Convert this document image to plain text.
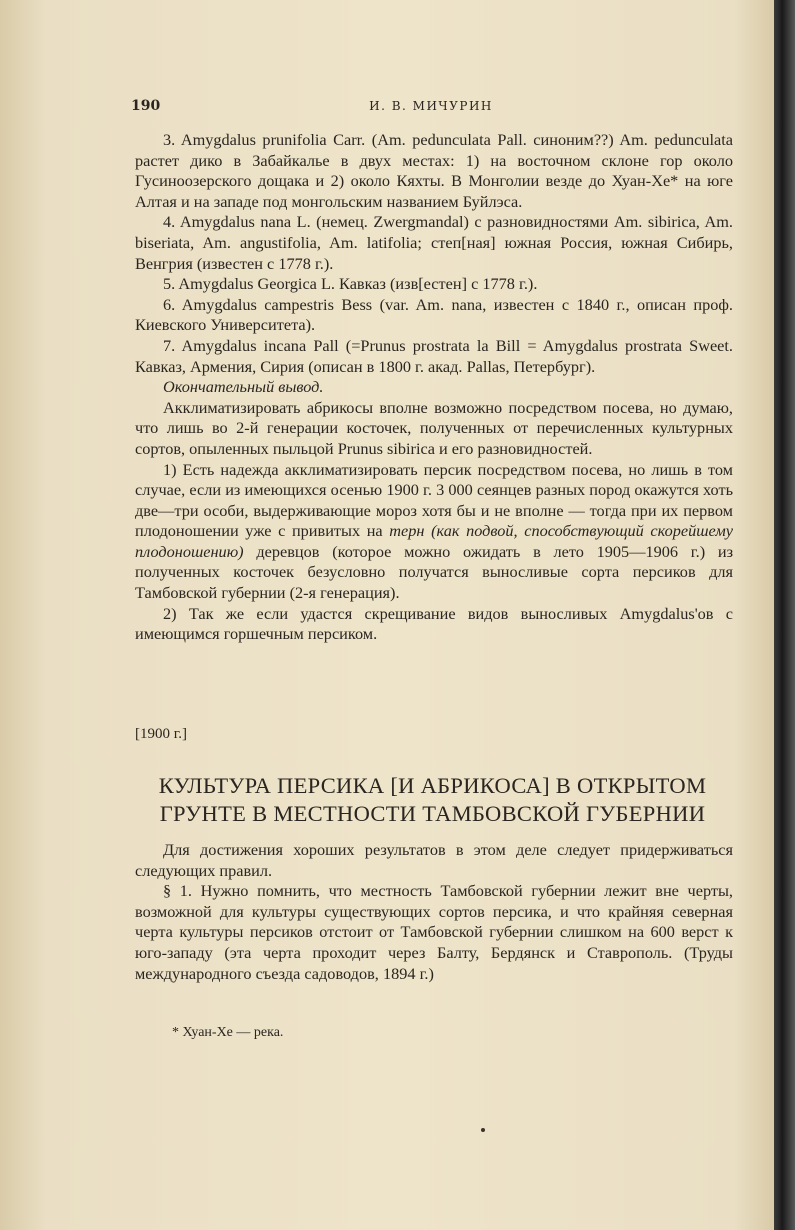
190	И. В. МИЧУРИН

3. Amygdalus prunifolia Carr. (Am. pedunculata Pall. синоним??) Am. pedunculata растет дико в Забайкалье в двух местах: 1) на восточном склоне гор около Гусиноозерского дощака и 2) около Кяхты. В Монголии везде до Хуан-Хе* на юге Алтая и на западе под монгольским названием Буйлэса.

4. Amygdalus nana L. (немец. Zwergmandal) с разновидностями Am. sibirica, Am. biseriata, Am. angustifolia, Am. latifolia; степ[ная] южная Россия, южная Сибирь, Венгрия (известен с 1778 г.).

5. Amygdalus Georgica L. Кавказ (изв[естен] с 1778 г.).

6. Amygdalus campestris Bess (var. Am. nana, известен с 1840 г., описан проф. Киевского Университета).

7. Amygdalus incana Pall (=Prunus prostrata la Bill = Amygdalus prostrata Sweet. Кавказ, Армения, Сирия (описан в 1800 г. акад. Pallas, Петербург).

Окончательный вывод.

Акклиматизировать абрикосы вполне возможно посредством посева, но думаю, что лишь во 2-й генерации косточек, полученных от перечисленных культурных сортов, опыленных пыльцой Prunus sibirica и его разновидностей.

1) Есть надежда акклиматизировать персик посредством посева, но лишь в том случае, если из имеющихся осенью 1900 г. 3 000 сеянцев разных пород окажутся хоть две—три особи, выдерживающие мороз хотя бы и не вполне — тогда при их первом плодоношении уже с привитых на терн (как подвой, способствующий скорейшему плодоношению) деревцов (которое можно ожидать в лето 1905—1906 г.) из полученных косточек безусловно получатся выносливые сорта персиков для Тамбовской губернии (2-я генерация).

2) Так же если удастся скрещивание видов выносливых Amygdalus'ов с имеющимся горшечным персиком.

[1900 г.]
КУЛЬТУРА ПЕРСИКА [И АБРИКОСА] В ОТКРЫТОМ
ГРУНТЕ В МЕСТНОСТИ ТАМБОВСКОЙ ГУБЕРНИИ

Для достижения хороших результатов в этом деле следует придерживаться следующих правил.

§ 1. Нужно помнить, что местность Тамбовской губернии лежит вне черты, возможной для культуры существующих сортов персика, и что крайняя северная черта культуры персиков отстоит от Тамбовской губернии слишком на 600 верст к юго-западу (эта черта проходит через Балту, Бердянск и Ставрополь. (Труды международного съезда садоводов, 1894 г.)

* Хуан-Хе — река.
